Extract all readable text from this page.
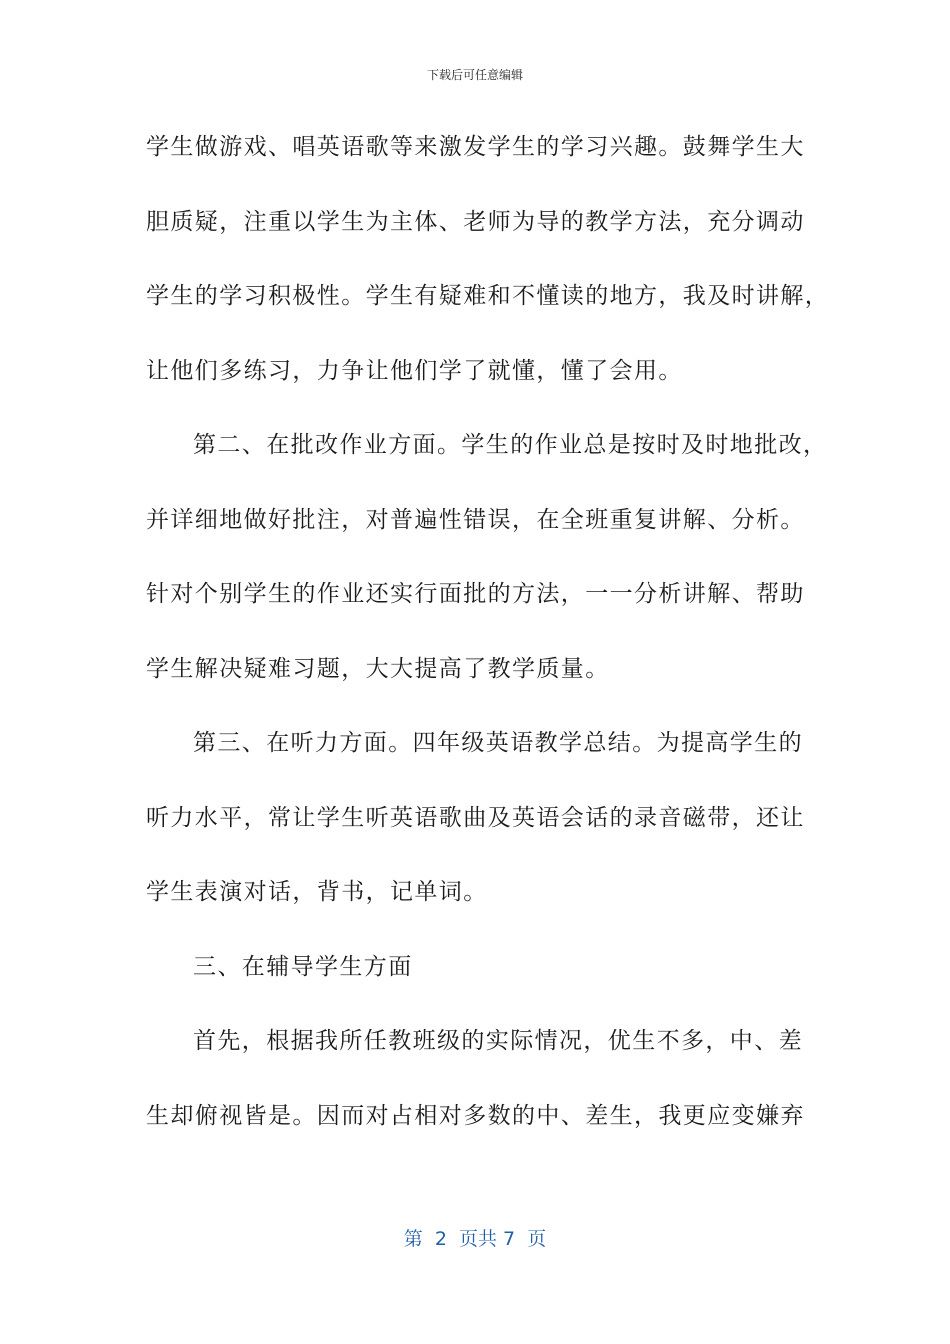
下载后可任意编辑
学生做游戏、唱英语歌等来激发学生的学习兴趣。鼓舞学生大
胆质疑，注重以学生为主体、老师为导的教学方法，充分调动
学生的学习积极性。学生有疑难和不懂读的地方，我及时讲解，
让他们多练习，力争让他们学了就懂，懂了会用。
第二、在批改作业方面。学生的作业总是按时及时地批改，
并详细地做好批注，对普遍性错误，在全班重复讲解、分析。
针对个别学生的作业还实行面批的方法，一一分析讲解、帮助
学生解决疑难习题，大大提高了教学质量。
第三、在听力方面。四年级英语教学总结。为提高学生的
听力水平，常让学生听英语歌曲及英语会话的录音磁带，还让
学生表演对话，背书，记单词。
三、在辅导学生方面
首先，根据我所任教班级的实际情况，优生不多，中、差
生却俯视皆是。因而对占相对多数的中、差生，我更应变嫌弃
第  2  页共 7  页
